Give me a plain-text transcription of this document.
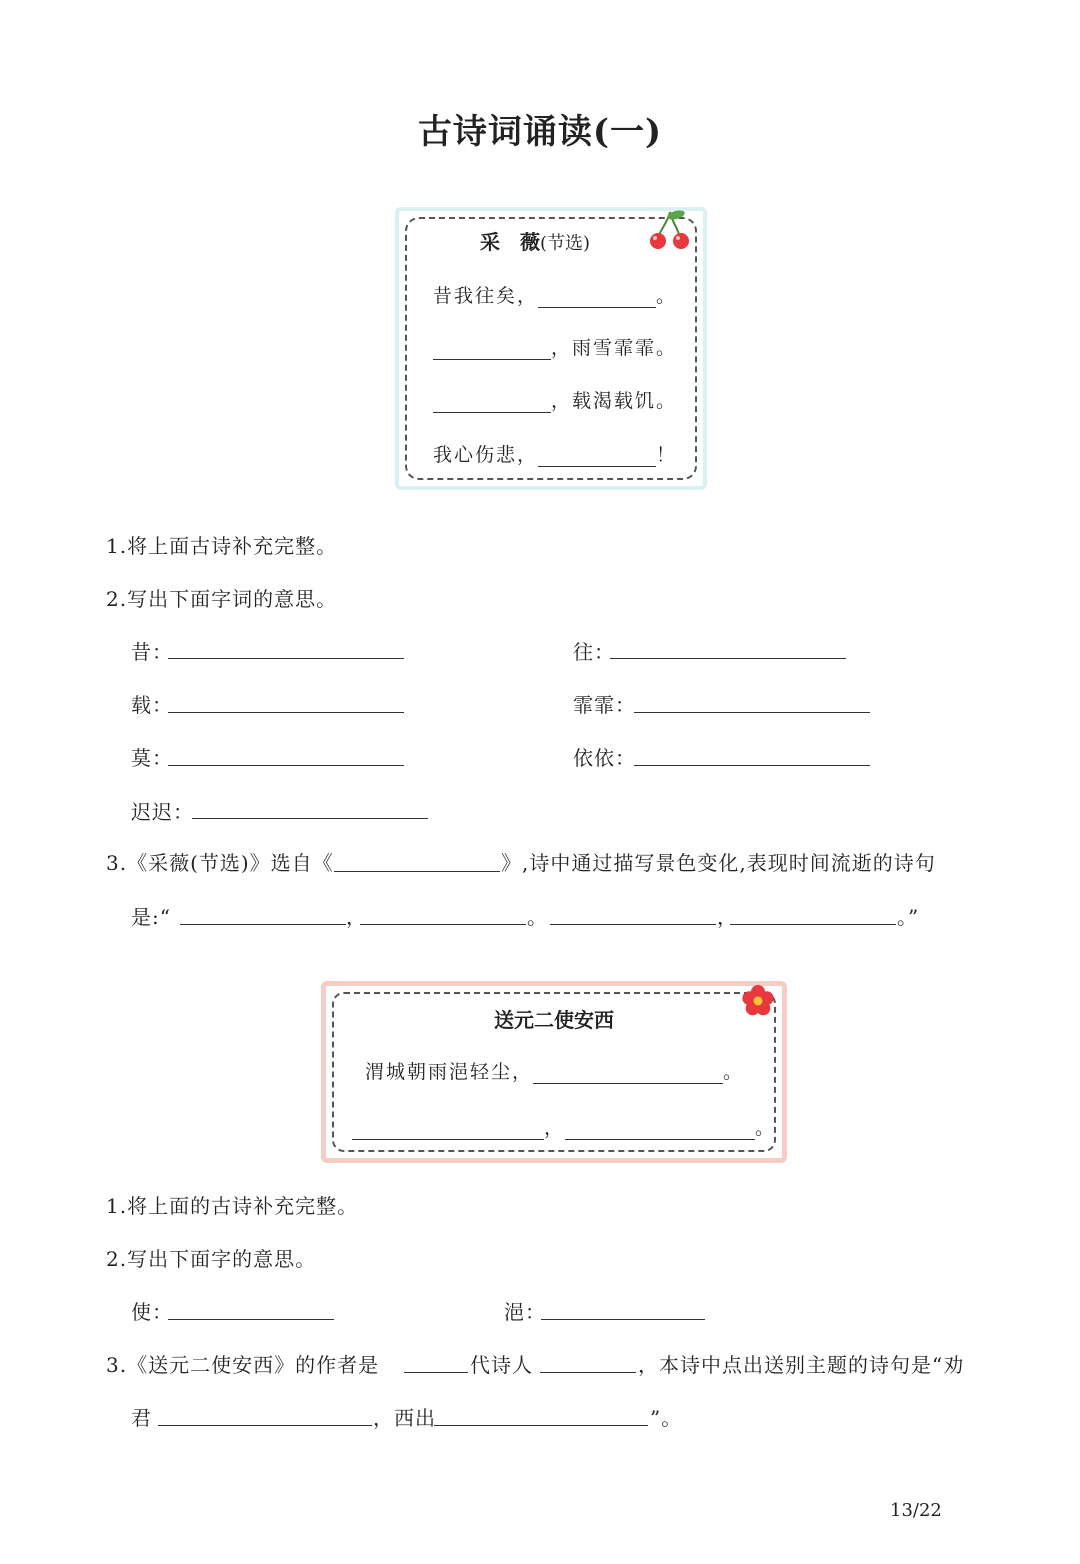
古诗词诵读(一)
采　薇(节选)
昔我往矣，	。
，雨雪霏霏。
，载渴载饥。
我心伤悲，	！
1.将上面古诗补充完整。
2.写出下面字词的意思。
昔：	往：
载：	霏霏：
莫：	依依：
迟迟：
3.《采薇(节选)》选自《	》,诗中通过描写景色变化,表现时间流逝的诗句
是:“	，	。	，	。”
送元二使安西
渭城朝雨浥轻尘，	。
，	。
1.将上面的古诗补充完整。
2.写出下面字的意思。
使：	浥：
3.《送元二使安西》的作者是	代诗人	，本诗中点出送别主题的诗句是“劝
君	，西出	”。
13/22
